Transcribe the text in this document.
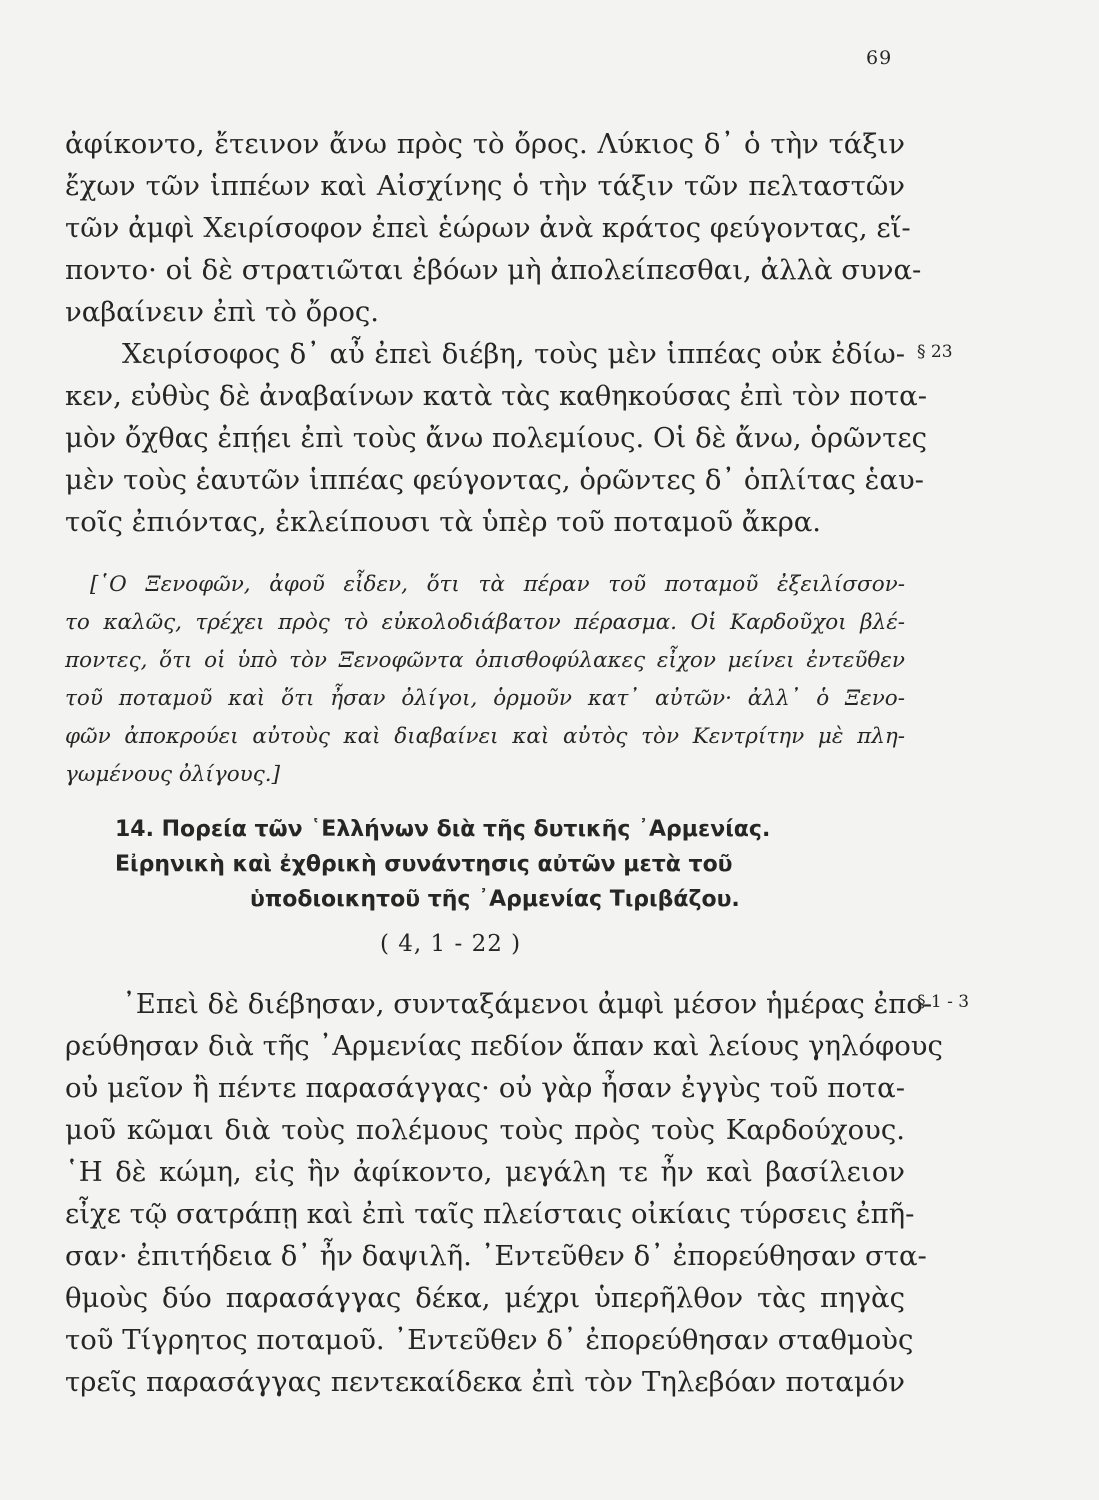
69
ἀφίκοντο, ἔτεινον ἄνω πρὸς τὸ ὄρος. Λύκιος δ᾽ ὁ τὴν τάξιν
ἔχων τῶν ἱππέων καὶ Αἰσχίνης ὁ τὴν τάξιν τῶν πελταστῶν
τῶν ἀμφὶ Χειρίσοφον ἐπεὶ ἑώρων ἀνὰ κράτος φεύγοντας, εἵ-
ποντο· οἱ δὲ στρατιῶται ἐβόων μὴ ἀπολείπεσθαι, ἀλλὰ συνα-
ναβαίνειν ἐπὶ τὸ ὄρος.
§ 23
Χειρίσοφος δ᾽ αὖ ἐπεὶ διέβη, τοὺς μὲν ἱππέας οὐκ ἐδίω-
κεν, εὐθὺς δὲ ἀναβαίνων κατὰ τὰς καθηκούσας ἐπὶ τὸν ποτα-
μὸν ὄχθας ἐπῄει ἐπὶ τοὺς ἄνω πολεμίους. Οἱ δὲ ἄνω, ὁρῶντες
μὲν τοὺς ἑαυτῶν ἱππέας φεύγοντας, ὁρῶντες δ᾽ ὁπλίτας ἑαυ-
τοῖς ἐπιόντας, ἐκλείπουσι τὰ ὑπὲρ τοῦ ποταμοῦ ἄκρα.
[῾Ο Ξενοφῶν, ἀφοῦ εἶδεν, ὅτι τὰ πέραν τοῦ ποταμοῦ ἐξειλίσσον-
το καλῶς, τρέχει πρὸς τὸ εὐκολοδιάβατον πέρασμα. Οἱ Καρδοῦχοι βλέ-
ποντες, ὅτι οἱ ὑπὸ τὸν Ξενοφῶντα ὀπισθοφύλακες εἶχον μείνει ἐντεῦθεν
τοῦ ποταμοῦ καὶ ὅτι ἦσαν ὀλίγοι, ὁρμοῦν κατ᾽ αὐτῶν· ἀλλ᾽ ὁ Ξενο-
φῶν ἀποκρούει αὐτοὺς καὶ διαβαίνει καὶ αὐτὸς τὸν Κεντρίτην μὲ πλη-
γωμένους ὀλίγους.]
14. Πορεία τῶν ῾Ελλήνων διὰ τῆς δυτικῆς ᾿Αρμενίας.
Εἰρηνικὴ καὶ ἐχθρικὴ συνάντησις αὐτῶν μετὰ τοῦ
ὑποδιοικητοῦ τῆς ᾿Αρμενίας Τιριβάζου.
( 4, 1 - 22 )
§ 1 - 3
᾿Επεὶ δὲ διέβησαν, συνταξάμενοι ἀμφὶ μέσον ἡμέρας ἐπο-
ρεύθησαν διὰ τῆς ᾿Αρμενίας πεδίον ἅπαν καὶ λείους γηλόφους
οὐ μεῖον ἢ πέντε παρασάγγας· οὐ γὰρ ἦσαν ἐγγὺς τοῦ ποτα-
μοῦ κῶμαι διὰ τοὺς πολέμους τοὺς πρὸς τοὺς Καρδούχους.
῾Η δὲ κώμη, εἰς ἣν ἀφίκοντο, μεγάλη τε ἦν καὶ βασίλειον
εἶχε τῷ σατράπῃ καὶ ἐπὶ ταῖς πλείσταις οἰκίαις τύρσεις ἐπῆ-
σαν· ἐπιτήδεια δ᾽ ἦν δαψιλῆ. ᾿Εντεῦθεν δ᾽ ἐπορεύθησαν στα-
θμοὺς δύο παρασάγγας δέκα, μέχρι ὑπερῆλθον τὰς πηγὰς
τοῦ Τίγρητος ποταμοῦ. ᾿Εντεῦθεν δ᾽ ἐπορεύθησαν σταθμοὺς
τρεῖς παρασάγγας πεντεκαίδεκα ἐπὶ τὸν Τηλεβόαν ποταμόν
